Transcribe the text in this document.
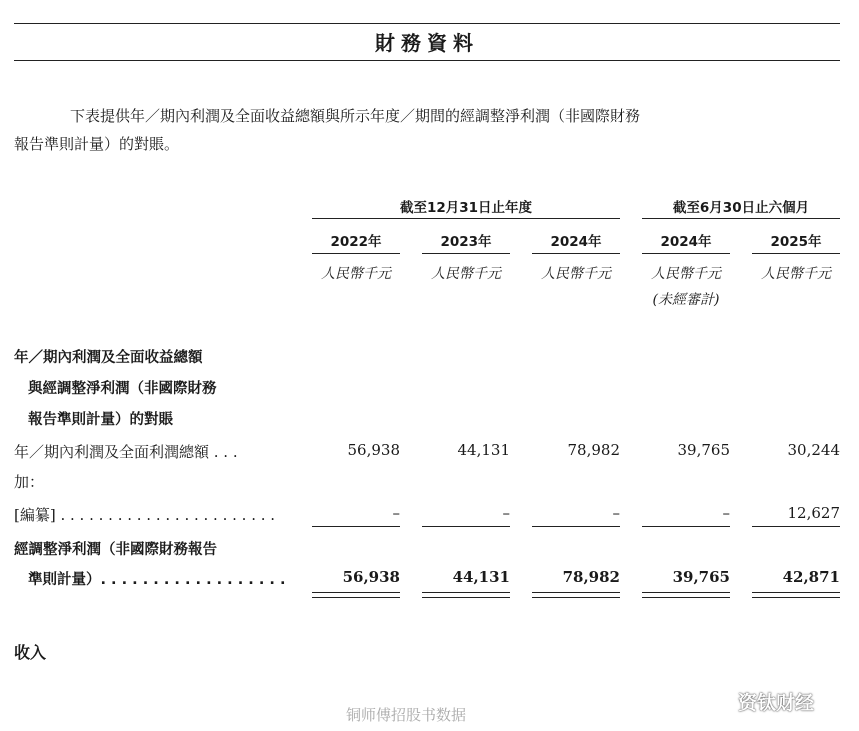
財務資料
下表提供年／期內利潤及全面收益總額與所示年度／期間的經調整淨利潤（非國際財務
報告準則計量）的對賬。
截至12月31日止年度	截至6月30日止六個月
2022年	2023年	2024年	2024年	2025年
人民幣千元	人民幣千元	人民幣千元	人民幣千元	人民幣千元
(未經審計)
年／期內利潤及全面收益總額
與經調整淨利潤（非國際財務
報告準則計量）的對賬
年／期內利潤及全面利潤總額 . . .	56,938	44,131	78,982	39,765	30,244
加：
[編纂] . . . . . . . . . . . . . . . . . . . . . . .	–	–	–	–	12,627
經調整淨利潤（非國際財務報告
準則計量）. . . . . . . . . . . . . . . . . .	56,938	44,131	78,982	39,765	42,871
收入
铜师傅招股书数据
资钛财经
